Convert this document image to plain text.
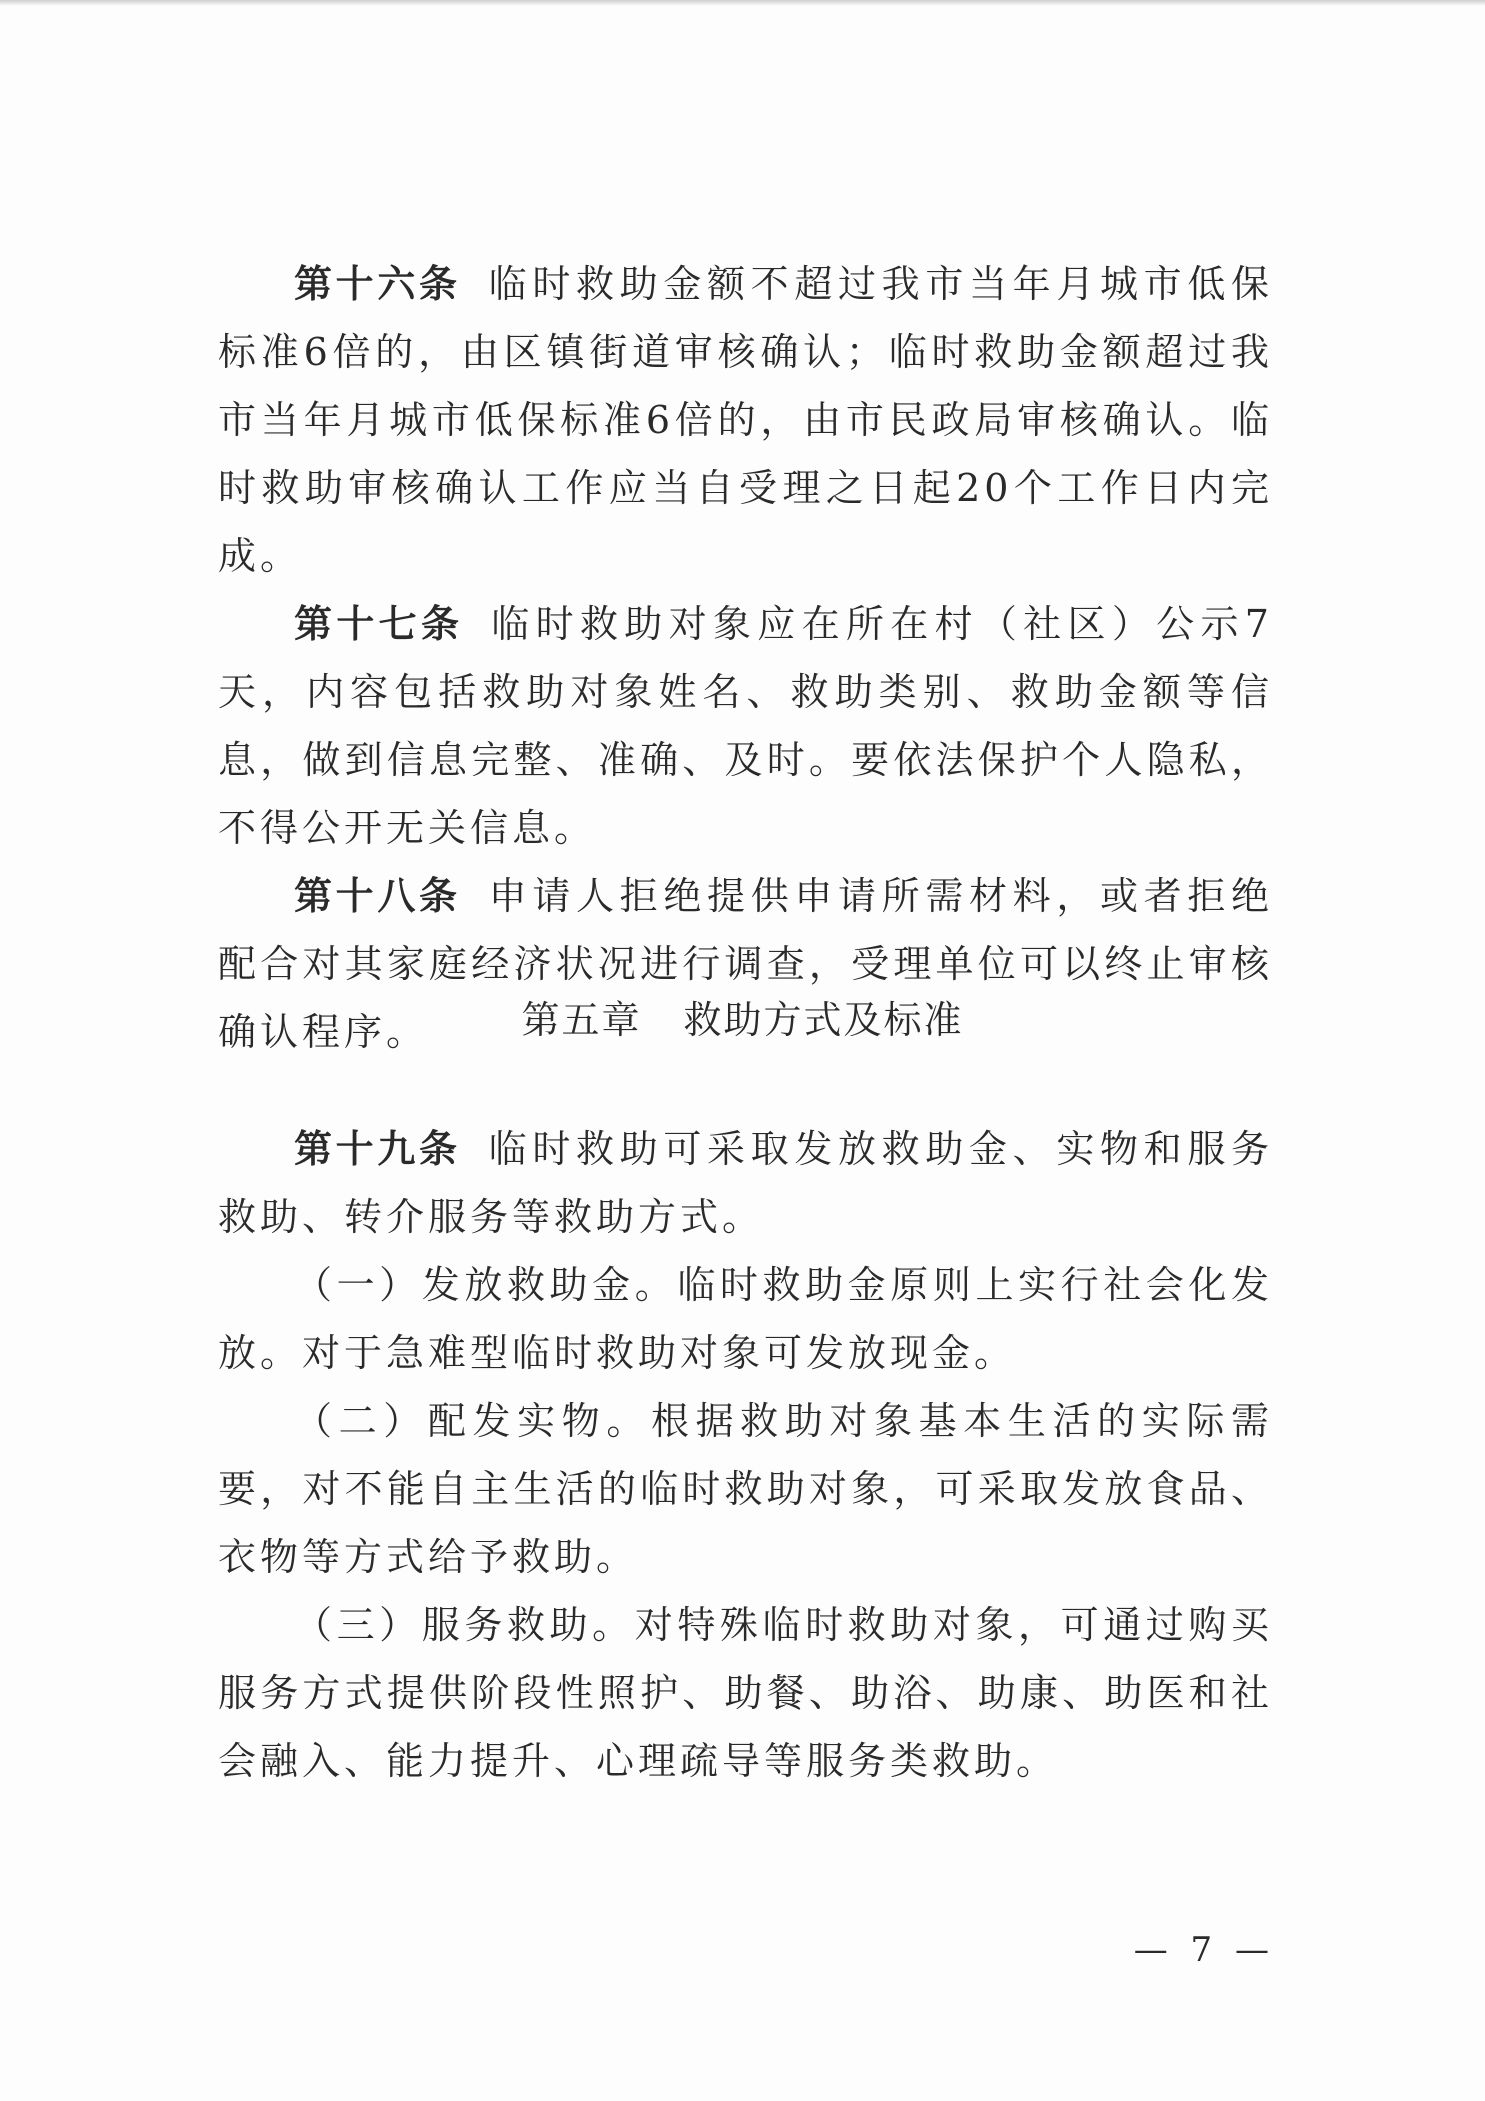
第十六条 临时救助金额不超过我市当年月城市低保标准6倍的，由区镇街道审核确认；临时救助金额超过我市当年月城市低保标准6倍的，由市民政局审核确认。临时救助审核确认工作应当自受理之日起20个工作日内完成。

第十七条 临时救助对象应在所在村（社区）公示7天，内容包括救助对象姓名、救助类别、救助金额等信息，做到信息完整、准确、及时。要依法保护个人隐私，不得公开无关信息。

第十八条 申请人拒绝提供申请所需材料，或者拒绝配合对其家庭经济状况进行调查，受理单位可以终止审核确认程序。	第五章 救助方式及标准

第十九条 临时救助可采取发放救助金、实物和服务救助、转介服务等救助方式。

（一）发放救助金。临时救助金原则上实行社会化发放。对于急难型临时救助对象可发放现金。

（二）配发实物。根据救助对象基本生活的实际需要，对不能自主生活的临时救助对象，可采取发放食品、衣物等方式给予救助。

（三）服务救助。对特殊临时救助对象，可通过购买服务方式提供阶段性照护、助餐、助浴、助康、助医和社会融入、能力提升、心理疏导等服务类救助。

— 7 —
